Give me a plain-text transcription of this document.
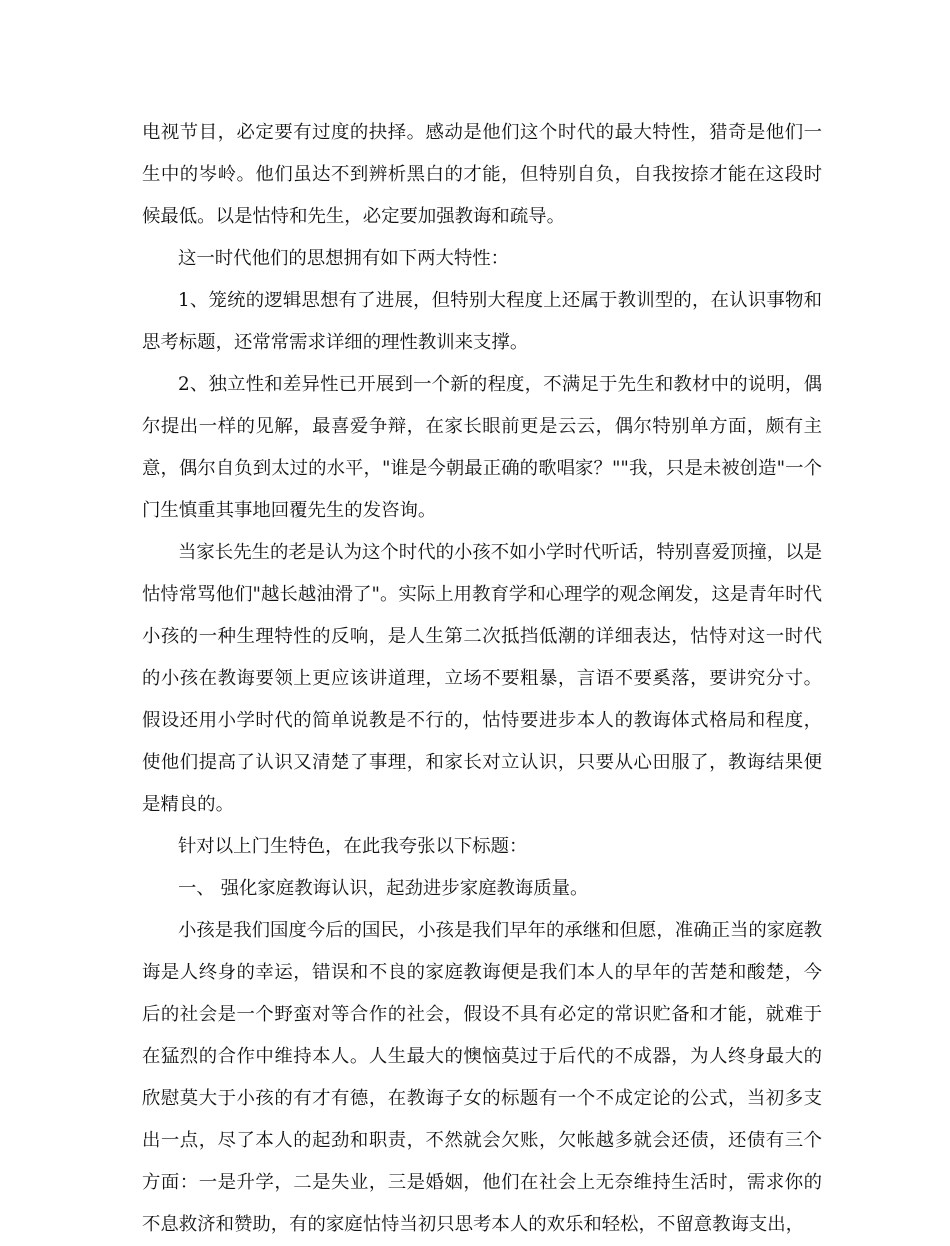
电视节目，必定要有过度的抉择。感动是他们这个时代的最大特性，猎奇是他们一生中的岑岭。他们虽达不到辨析黑白的才能，但特别自负，自我按捺才能在这段时候最低。以是怙恃和先生，必定要加强教诲和疏导。

这一时代他们的思想拥有如下两大特性：

1、笼统的逻辑思想有了进展，但特别大程度上还属于教训型的，在认识事物和思考标题，还常常需求详细的理性教训来支撑。

2、独立性和差异性已开展到一个新的程度，不满足于先生和教材中的说明，偶尔提出一样的见解，最喜爱争辩，在家长眼前更是云云，偶尔特别单方面，颇有主意，偶尔自负到太过的水平，"谁是今朝最正确的歌唱家？""我，只是未被创造"一个门生慎重其事地回覆先生的发咨询。

当家长先生的老是认为这个时代的小孩不如小学时代听话，特别喜爱顶撞，以是怙恃常骂他们"越长越油滑了"。实际上用教育学和心理学的观念阐发，这是青年时代小孩的一种生理特性的反响，是人生第二次抵挡低潮的详细表达，怙恃对这一时代的小孩在教诲要领上更应该讲道理，立场不要粗暴，言语不要奚落，要讲究分寸。假设还用小学时代的简单说教是不行的，怙恃要进步本人的教诲体式格局和程度，使他们提高了认识又清楚了事理，和家长对立认识，只要从心田服了，教诲结果便是精良的。

针对以上门生特色，在此我夸张以下标题：

一、 强化家庭教诲认识，起劲进步家庭教诲质量。

小孩是我们国度今后的国民，小孩是我们早年的承继和但愿，准确正当的家庭教诲是人终身的幸运，错误和不良的家庭教诲便是我们本人的早年的苦楚和酸楚，今后的社会是一个野蛮对等合作的社会，假设不具有必定的常识贮备和才能，就难于在猛烈的合作中维持本人。人生最大的懊恼莫过于后代的不成器，为人终身最大的欣慰莫大于小孩的有才有德，在教诲子女的标题有一个不成定论的公式，当初多支出一点，尽了本人的起劲和职责，不然就会欠账，欠帐越多就会还债，还债有三个方面：一是升学，二是失业，三是婚姻，他们在社会上无奈维持生活时，需求你的不息救济和赞助，有的家庭怙恃当初只思考本人的欢乐和轻松，不留意教诲支出，
